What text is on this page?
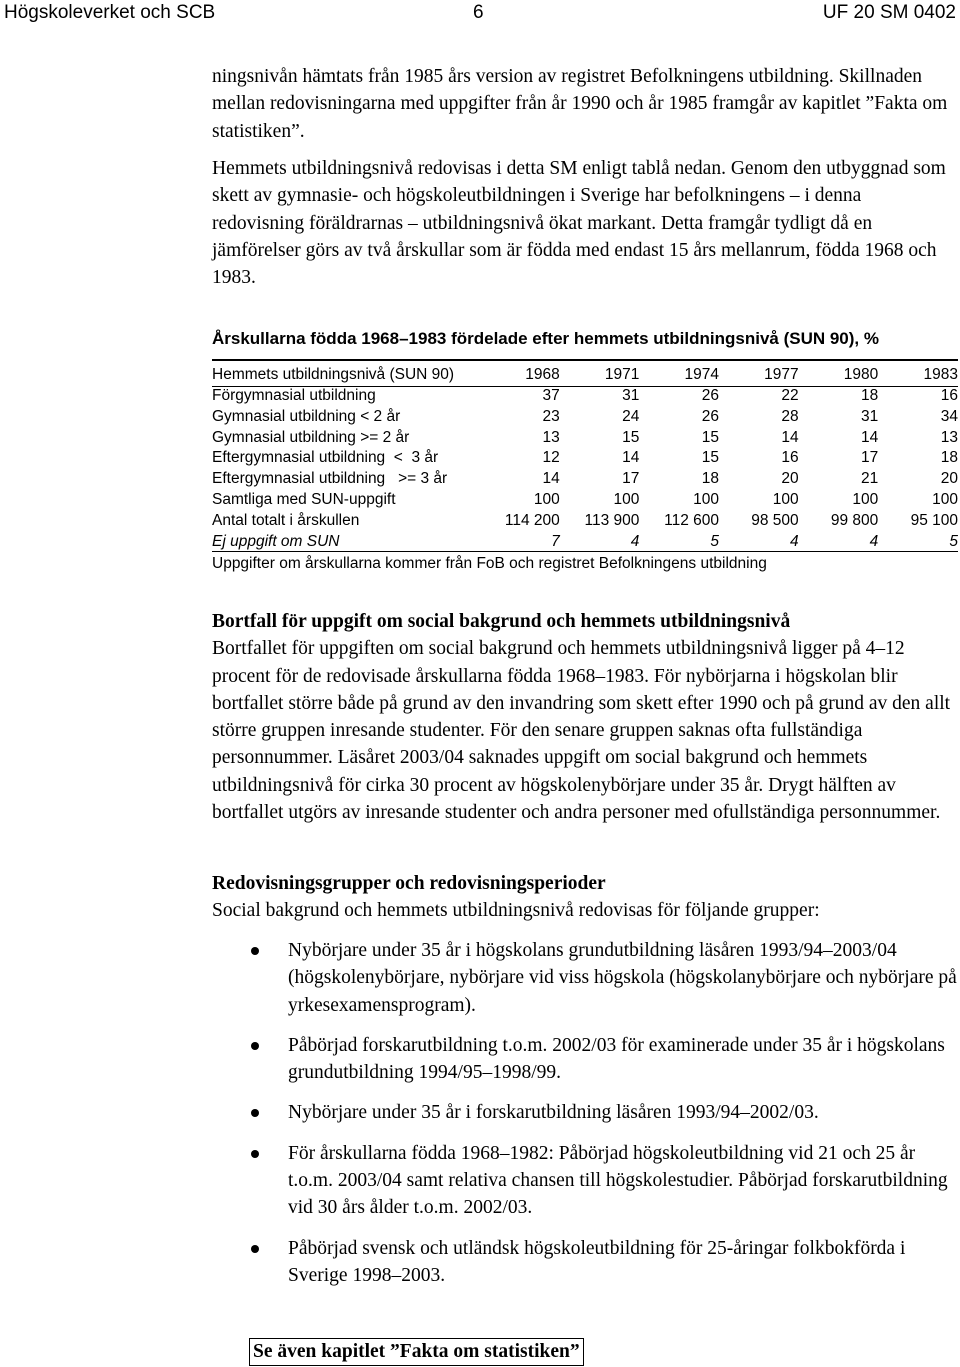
Högskoleverket och SCB	6	UF 20 SM 0402

ningsnivån hämtats från 1985 års version av registret Befolkningens utbildning. Skillnaden mellan redovisningarna med uppgifter från år 1990 och år 1985 framgår av kapitlet ”Fakta om statistiken”.

Hemmets utbildningsnivå redovisas i detta SM enligt tablå nedan. Genom den utbyggnad som skett av gymnasie- och högskoleutbildningen i Sverige har befolkningens – i denna redovisning föräldrarnas – utbildningsnivå ökat markant. Detta framgår tydligt då en jämförelser görs av två årskullar som är födda med endast 15 års mellanrum, födda 1968 och 1983.

Årskullarna födda 1968–1983 fördelade efter hemmets utbildningsnivå (SUN 90), %
Hemmets utbildningsnivå (SUN 90)	1968	1971	1974	1977	1980	1983
Förgymnasial utbildning	37	31	26	22	18	16
Gymnasial utbildning < 2 år	23	24	26	28	31	34
Gymnasial utbildning >= 2 år	13	15	15	14	14	13
Eftergymnasial utbildning  <  3 år	12	14	15	16	17	18
Eftergymnasial utbildning   >= 3 år	14	17	18	20	21	20
Samtliga med SUN-uppgift	100	100	100	100	100	100
Antal totalt i årskullen	114 200	113 900	112 600	98 500	99 800	95 100
Ej uppgift om SUN	7	4	5	4	4	5
Uppgifter om årskullarna kommer från FoB och registret Befolkningens utbildning

Bortfall för uppgift om social bakgrund och hemmets utbildningsnivå

Bortfallet för uppgiften om social bakgrund och hemmets utbildningsnivå ligger på 4–12 procent för de redovisade årskullarna födda 1968–1983. För nybörjarna i högskolan blir bortfallet större både på grund av den invandring som skett efter 1990 och på grund av den allt större gruppen inresande studenter. För den senare gruppen saknas ofta fullständiga personnummer. Läsåret 2003/04 saknades uppgift om social bakgrund och hemmets utbildningsnivå för cirka 30 procent av högskolenybörjare under 35 år. Drygt hälften av bortfallet utgörs av inresande studenter och andra personer med ofullständiga personnummer.

Redovisningsgrupper och redovisningsperioder

Social bakgrund och hemmets utbildningsnivå redovisas för följande grupper:

Nybörjare under 35 år i högskolans grundutbildning läsåren 1993/94–2003/04 (högskolenybörjare, nybörjare vid viss högskola (högskolanybörjare och nybörjare på yrkesexamensprogram).
Påbörjad forskarutbildning t.o.m. 2002/03 för examinerade under 35 år i högskolans grundutbildning 1994/95–1998/99.
Nybörjare under 35 år i forskarutbildning läsåren 1993/94–2002/03.
För årskullarna födda 1968–1982: Påbörjad högskoleutbildning vid 21 och 25 år t.o.m. 2003/04 samt relativa chansen till högskolestudier. Påbörjad forskarutbildning vid 30 års ålder t.o.m. 2002/03.
Påbörjad svensk och utländsk högskoleutbildning för 25-åringar folkbokförda i Sverige 1998–2003.
Se även kapitlet ”Fakta om statistiken”
